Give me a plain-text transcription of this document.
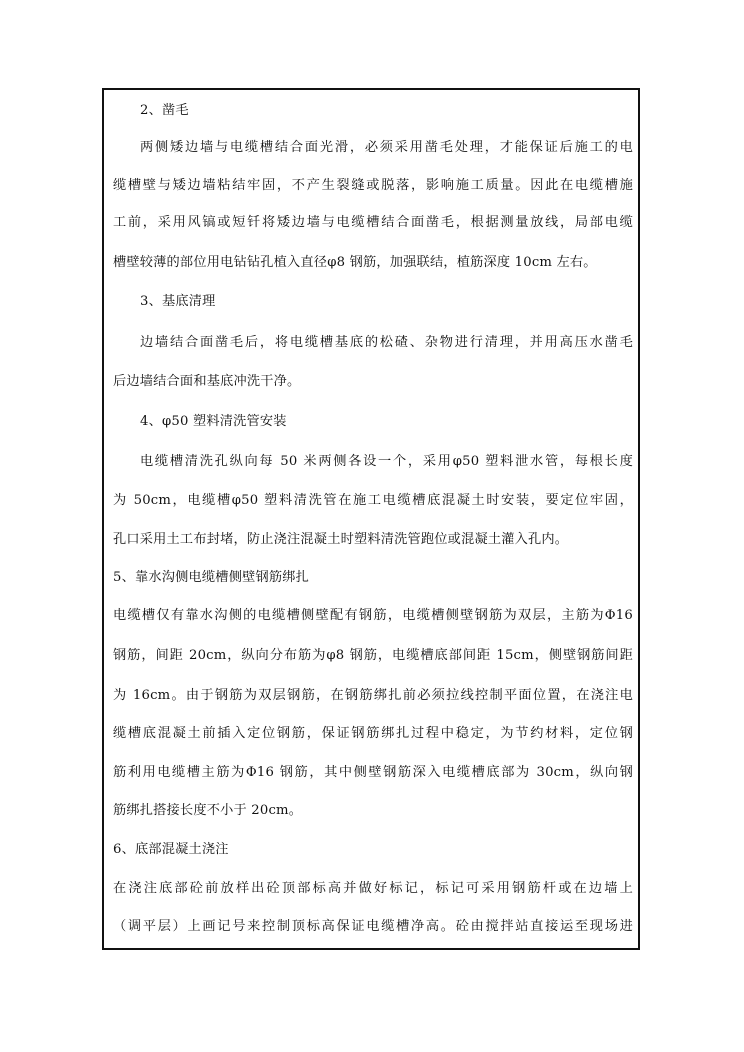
2、凿毛
两侧矮边墙与电缆槽结合面光滑，必须采用凿毛处理，才能保证后施工的电
缆槽壁与矮边墙粘结牢固，不产生裂缝或脱落，影响施工质量。因此在电缆槽施
工前，采用风镐或短钎将矮边墙与电缆槽结合面凿毛，根据测量放线，局部电缆
槽壁较薄的部位用电钻钻孔植入直径φ8 钢筋，加强联结，植筋深度 10cm 左右。
3、基底清理
边墙结合面凿毛后，将电缆槽基底的松碴、杂物进行清理，并用高压水凿毛
后边墙结合面和基底冲洗干净。
4、φ50 塑料清洗管安装
电缆槽清洗孔纵向每 50 米两侧各设一个，采用φ50 塑料泄水管，每根长度
为 50cm，电缆槽φ50 塑料清洗管在施工电缆槽底混凝土时安装，要定位牢固，
孔口采用土工布封堵，防止浇注混凝土时塑料清洗管跑位或混凝土灌入孔内。
5、靠水沟侧电缆槽侧壁钢筋绑扎
电缆槽仅有靠水沟侧的电缆槽侧壁配有钢筋，电缆槽侧壁钢筋为双层，主筋为Φ16
钢筋，间距 20cm，纵向分布筋为φ8 钢筋，电缆槽底部间距 15cm，侧壁钢筋间距
为 16cm。由于钢筋为双层钢筋，在钢筋绑扎前必须拉线控制平面位置，在浇注电
缆槽底混凝土前插入定位钢筋，保证钢筋绑扎过程中稳定，为节约材料，定位钢
筋利用电缆槽主筋为Φ16 钢筋，其中侧壁钢筋深入电缆槽底部为 30cm，纵向钢
筋绑扎搭接长度不小于 20cm。
6、底部混凝土浇注
在浇注底部砼前放样出砼顶部标高并做好标记，标记可采用钢筋杆或在边墙上
（调平层）上画记号来控制顶标高保证电缆槽净高。砼由搅拌站直接运至现场进
